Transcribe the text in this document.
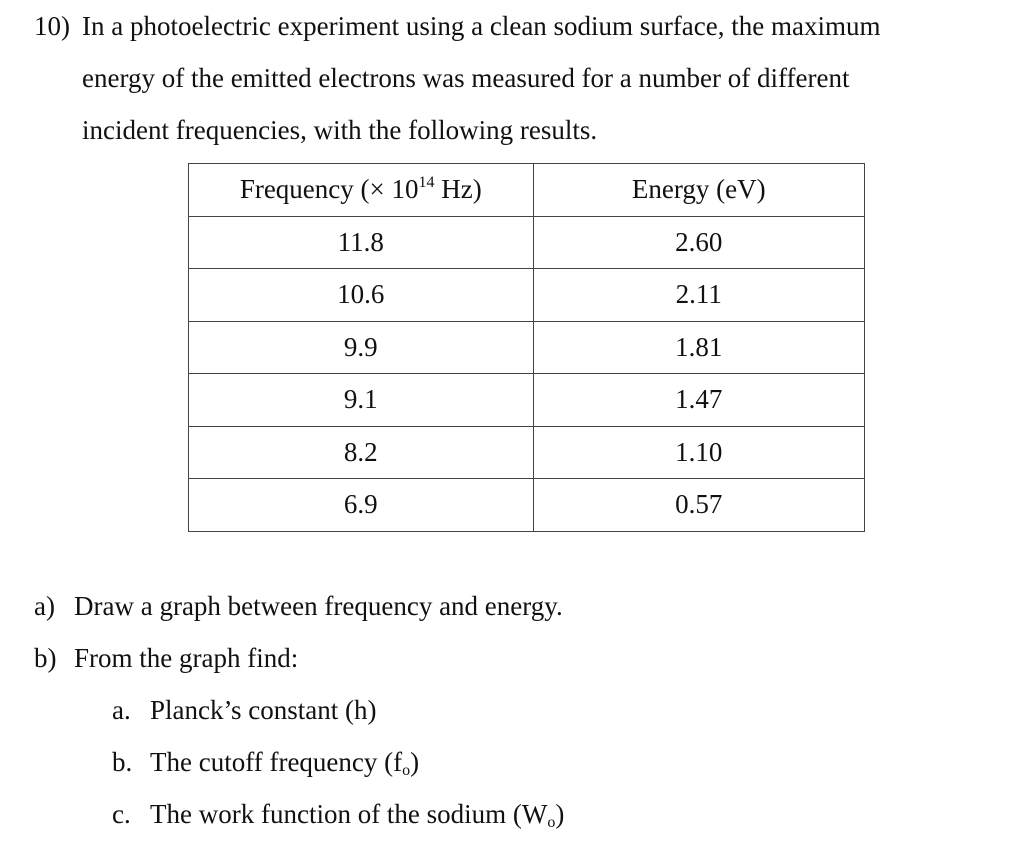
10) In a photoelectric experiment using a clean sodium surface, the maximum
energy of the emitted electrons was measured for a number of different
incident frequencies, with the following results.
Frequency (× $10^{14}$ Hz)	Energy (eV)
11.8	2.60
10.6	2.11
9.9	1.81
9.1	1.47
8.2	1.10
6.9	0.57
a) Draw a graph between frequency and energy.
b) From the graph find:
a. Planck’s constant (h)
b. The cutoff frequency $(f_o)$
c. The work function of the sodium $(W_o)$
